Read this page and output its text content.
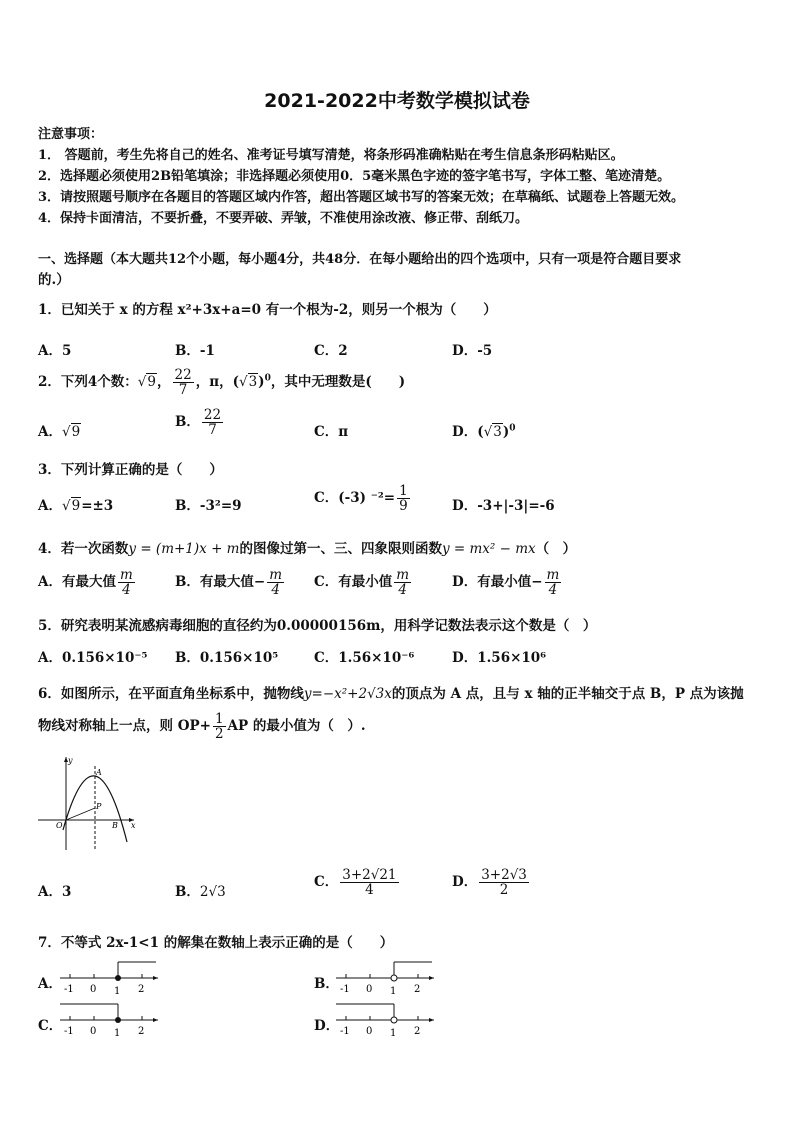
2021-2022中考数学模拟试卷
注意事项：
1． 答题前，考生先将自己的姓名、准考证号填写清楚，将条形码准确粘贴在考生信息条形码粘贴区。
2．选择题必须使用2B铅笔填涂；非选择题必须使用0．5毫米黑色字迹的签字笔书写，字体工整、笔迹清楚。
3．请按照题号顺序在各题目的答题区域内作答，超出答题区域书写的答案无效；在草稿纸、试题卷上答题无效。
4．保持卡面清洁，不要折叠，不要弄破、弄皱，不准使用涂改液、修正带、刮纸刀。
一、选择题（本大题共12个小题，每小题4分，共48分．在每小题给出的四个选项中，只有一项是符合题目要求
的.）
1．已知关于 x 的方程 x²+3x+a=0 有一个根为-2，则另一个根为（　　）
A．5	B．-1	C．2	D．-5
2．下列4个数：√9， $\frac{22}{7}$ ，π，$(√3)^0$，其中无理数是(　　)
A．√9
B． $\frac{22}{7}$	C．π	D．$(√3)^0$
3．下列计算正确的是（　　）
A．√9=±3	B．-3²=9	C．(-3) $^{-2}= \frac{1}{9}$	D．-3+|-3|=-6
4．若一次函数y = (m+1)x + m的图像过第一、三、四象限则函数y = mx² − mx（　）
A．有最大值 $\frac{m}{4}$	B．有最大值− $\frac{m}{4}$ C．有最小值 $\frac{m}{4}$	D．有最小值− $\frac{m}{4}$
5．研究表明某流感病毒细胞的直径约为0.00000156m，用科学记数法表示这个数是（　）
A．0.156×10⁻⁵ B．0.156×10⁵	C．1.56×10⁻⁶	D．1.56×10⁶
6．如图所示，在平面直角坐标系中，抛物线y=−x²+2√3x的顶点为 A 点，且与 x 轴的正半轴交于点 B，P 点为该抛
物线对称轴上一点，则 $OP+ \frac{1}{2}$ AP 的最小值为（　）.
y
A
P
O	B x
A．3	B．2√3
C． $\frac{3+2√21}{4}$	D． $\frac{3+2√3}{2}$
7．不等式 2x-1<1 的解集在数轴上表示正确的是（　　）
A． -1 0 1 2	B． -1 0 1 2
C． -1 0 1 2	D． -1 0 1 2
